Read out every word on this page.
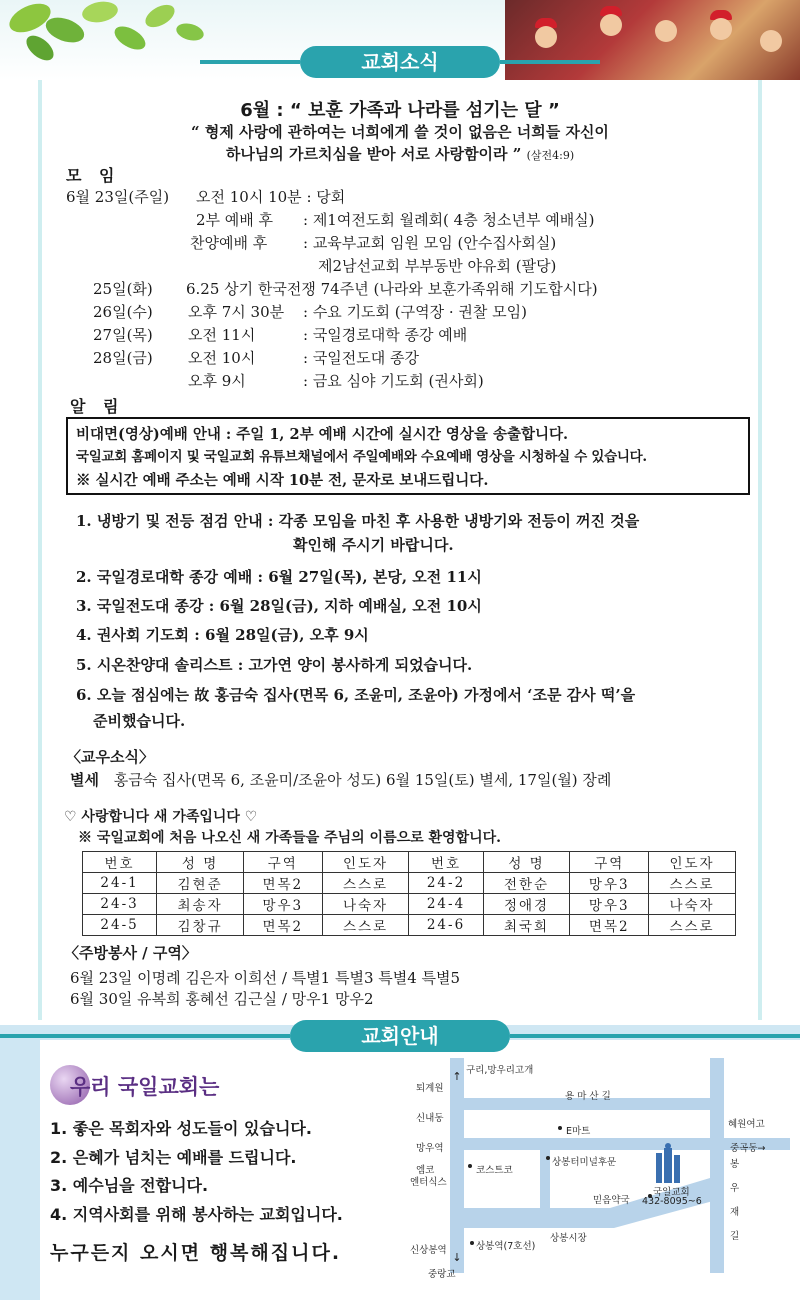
교회소식
6월 : “ 보훈 가족과 나라를 섬기는 달 ”
“ 형제 사랑에 관하여는 너희에게 쓸 것이 없음은 너희들 자신이
하나님의 가르치심을 받아 서로 사랑함이라 ” (살전4:9)
모 임
6월 23일(주일) 오전 10시 10분 : 당회
2부 예배 후 : 제1여전도회 월례회( 4층 청소년부 예배실)
찬양예배 후 : 교육부교회 임원 모임 (안수집사회실)
제2남선교회 부부동반 야유회 (팔당)
25일(화) 6.25 상기 한국전쟁 74주년 (나라와 보훈가족위해 기도합시다)
26일(수) 오후 7시 30분 : 수요 기도회 (구역장 · 권찰 모임)
27일(목) 오전 11시	: 국일경로대학 종강 예배
28일(금) 오전 10시	: 국일전도대 종강
오후 9시	: 금요 심야 기도회 (권사회)
알 림
비대면(영상)예배 안내 : 주일 1, 2부 예배 시간에 실시간 영상을 송출합니다.
국일교회 홈페이지 및 국일교회 유튜브채널에서 주일예배와 수요예배 영상을 시청하실 수 있습니다.
※ 실시간 예배 주소는 예배 시작 10분 전, 문자로 보내드립니다.
1. 냉방기 및 전등 점검 안내 : 각종 모임을 마친 후 사용한 냉방기와 전등이 꺼진 것을
확인해 주시기 바랍니다.
2. 국일경로대학 종강 예배 : 6월 27일(목), 본당, 오전 11시
3. 국일전도대 종강 : 6월 28일(금), 지하 예배실, 오전 10시
4. 권사회 기도회 : 6월 28일(금), 오후 9시
5. 시온찬양대 솔리스트 : 고가연 양이 봉사하게 되었습니다.
6. 오늘 점심에는 故 홍금숙 집사(면목 6, 조윤미, 조윤아) 가정에서 ‘조문 감사 떡’을
준비했습니다.
〈교우소식〉
별세 홍금숙 집사(면목 6, 조윤미/조윤아 성도) 6월 15일(토) 별세, 17일(월) 장례
♡ 사랑합니다 새 가족입니다 ♡
※ 국일교회에 처음 나오신 새 가족들을 주님의 이름으로 환영합니다.
번호	성 명	구역	인도자	번호	성 명	구역	인도자
24-1	김현준	면목2	스스로	24-2	전한순	망우3	스스로
24-3	최송자	망우3	나숙자	24-4	정애경	망우3	나숙자
24-5	김창규	면목2	스스로	24-6	최국희	면목2	스스로
〈주방봉사 / 구역〉
6월 23일 이명례 김은자 이희선 / 특별1 특별3 특별4 특별5
6월 30일 유복희 홍혜선 김근실 / 망우1 망우2
교회안내
우리 국일교회는
1. 좋은 목회자와 성도들이 있습니다.
2. 은혜가 넘치는 예배를 드립니다.
3. 예수님을 전합니다.
4. 지역사회를 위해 봉사하는 교회입니다.
누구든지 오시면 행복해집니다.
↑
↓
구리,망우리고개
퇴계원
용 마 산 길
신내동
혜원여고
E마트
망우역	중곡동→
봉
우
재
길
엠코
엔터식스
코스트코
상봉터미널후문
국일교회
432-8095~6
믿음약국
상봉시장
신상봉역	상봉역(7호선)
중랑교
